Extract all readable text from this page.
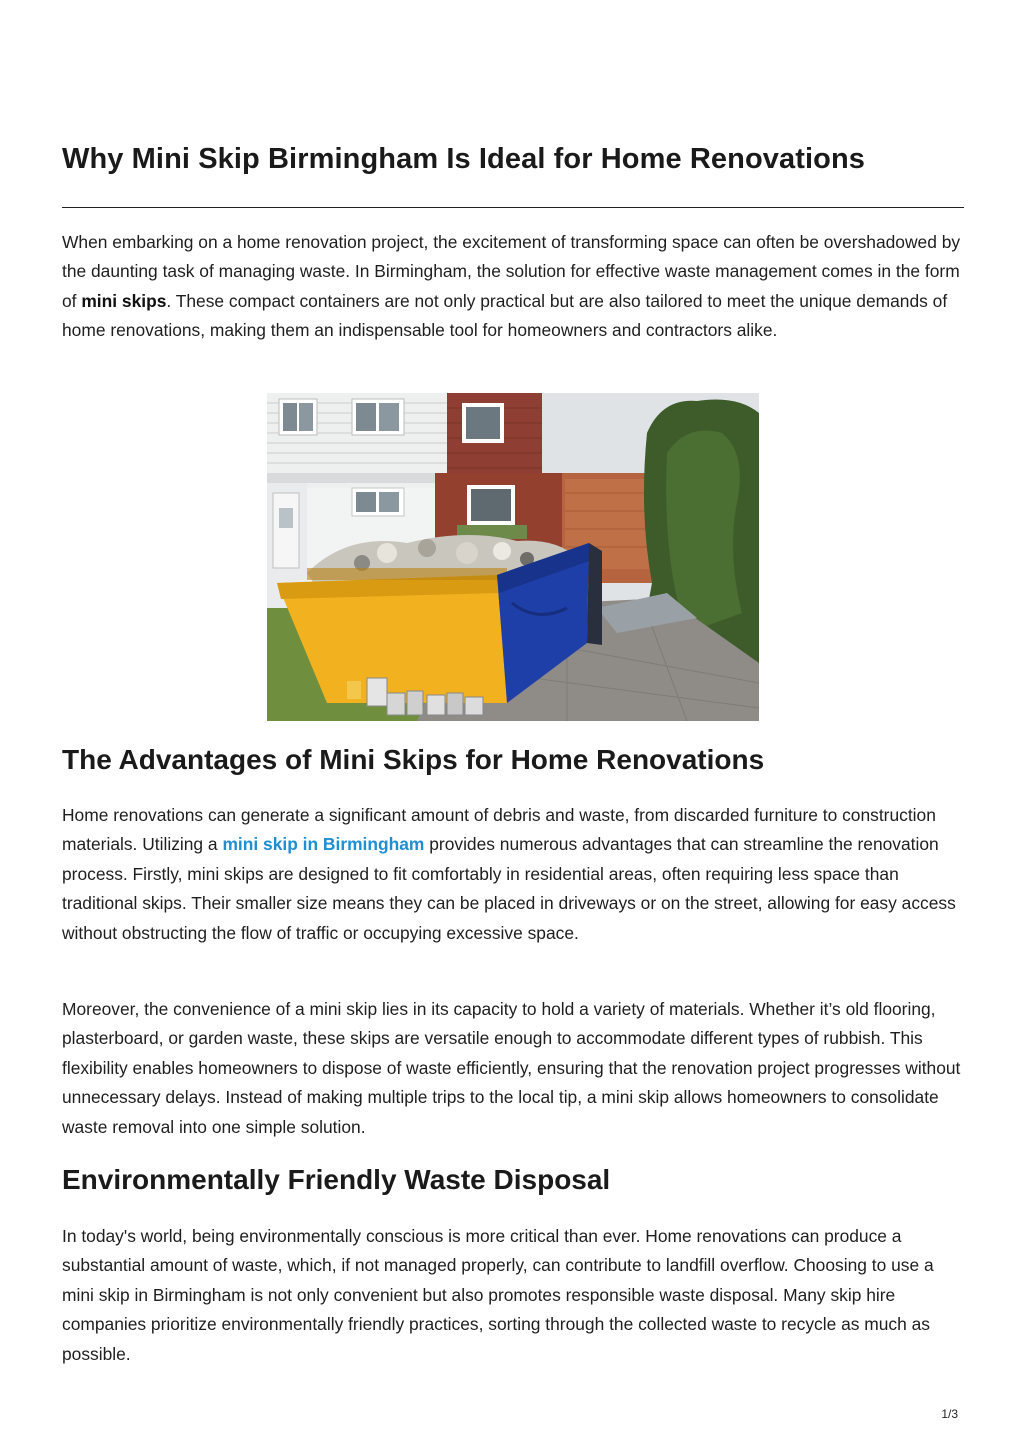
Why Mini Skip Birmingham Is Ideal for Home Renovations

When embarking on a home renovation project, the excitement of transforming space can often be overshadowed by the daunting task of managing waste. In Birmingham, the solution for effective waste management comes in the form of mini skips. These compact containers are not only practical but are also tailored to meet the unique demands of home renovations, making them an indispensable tool for homeowners and contractors alike.

The Advantages of Mini Skips for Home Renovations

Home renovations can generate a significant amount of debris and waste, from discarded furniture to construction materials. Utilizing a mini skip in Birmingham provides numerous advantages that can streamline the renovation process. Firstly, mini skips are designed to fit comfortably in residential areas, often requiring less space than traditional skips. Their smaller size means they can be placed in driveways or on the street, allowing for easy access without obstructing the flow of traffic or occupying excessive space.

Moreover, the convenience of a mini skip lies in its capacity to hold a variety of materials. Whether it’s old flooring, plasterboard, or garden waste, these skips are versatile enough to accommodate different types of rubbish. This flexibility enables homeowners to dispose of waste efficiently, ensuring that the renovation project progresses without unnecessary delays. Instead of making multiple trips to the local tip, a mini skip allows homeowners to consolidate waste removal into one simple solution.

Environmentally Friendly Waste Disposal

In today's world, being environmentally conscious is more critical than ever. Home renovations can produce a substantial amount of waste, which, if not managed properly, can contribute to landfill overflow. Choosing to use a mini skip in Birmingham is not only convenient but also promotes responsible waste disposal. Many skip hire companies prioritize environmentally friendly practices, sorting through the collected waste to recycle as much as possible.

1/3
